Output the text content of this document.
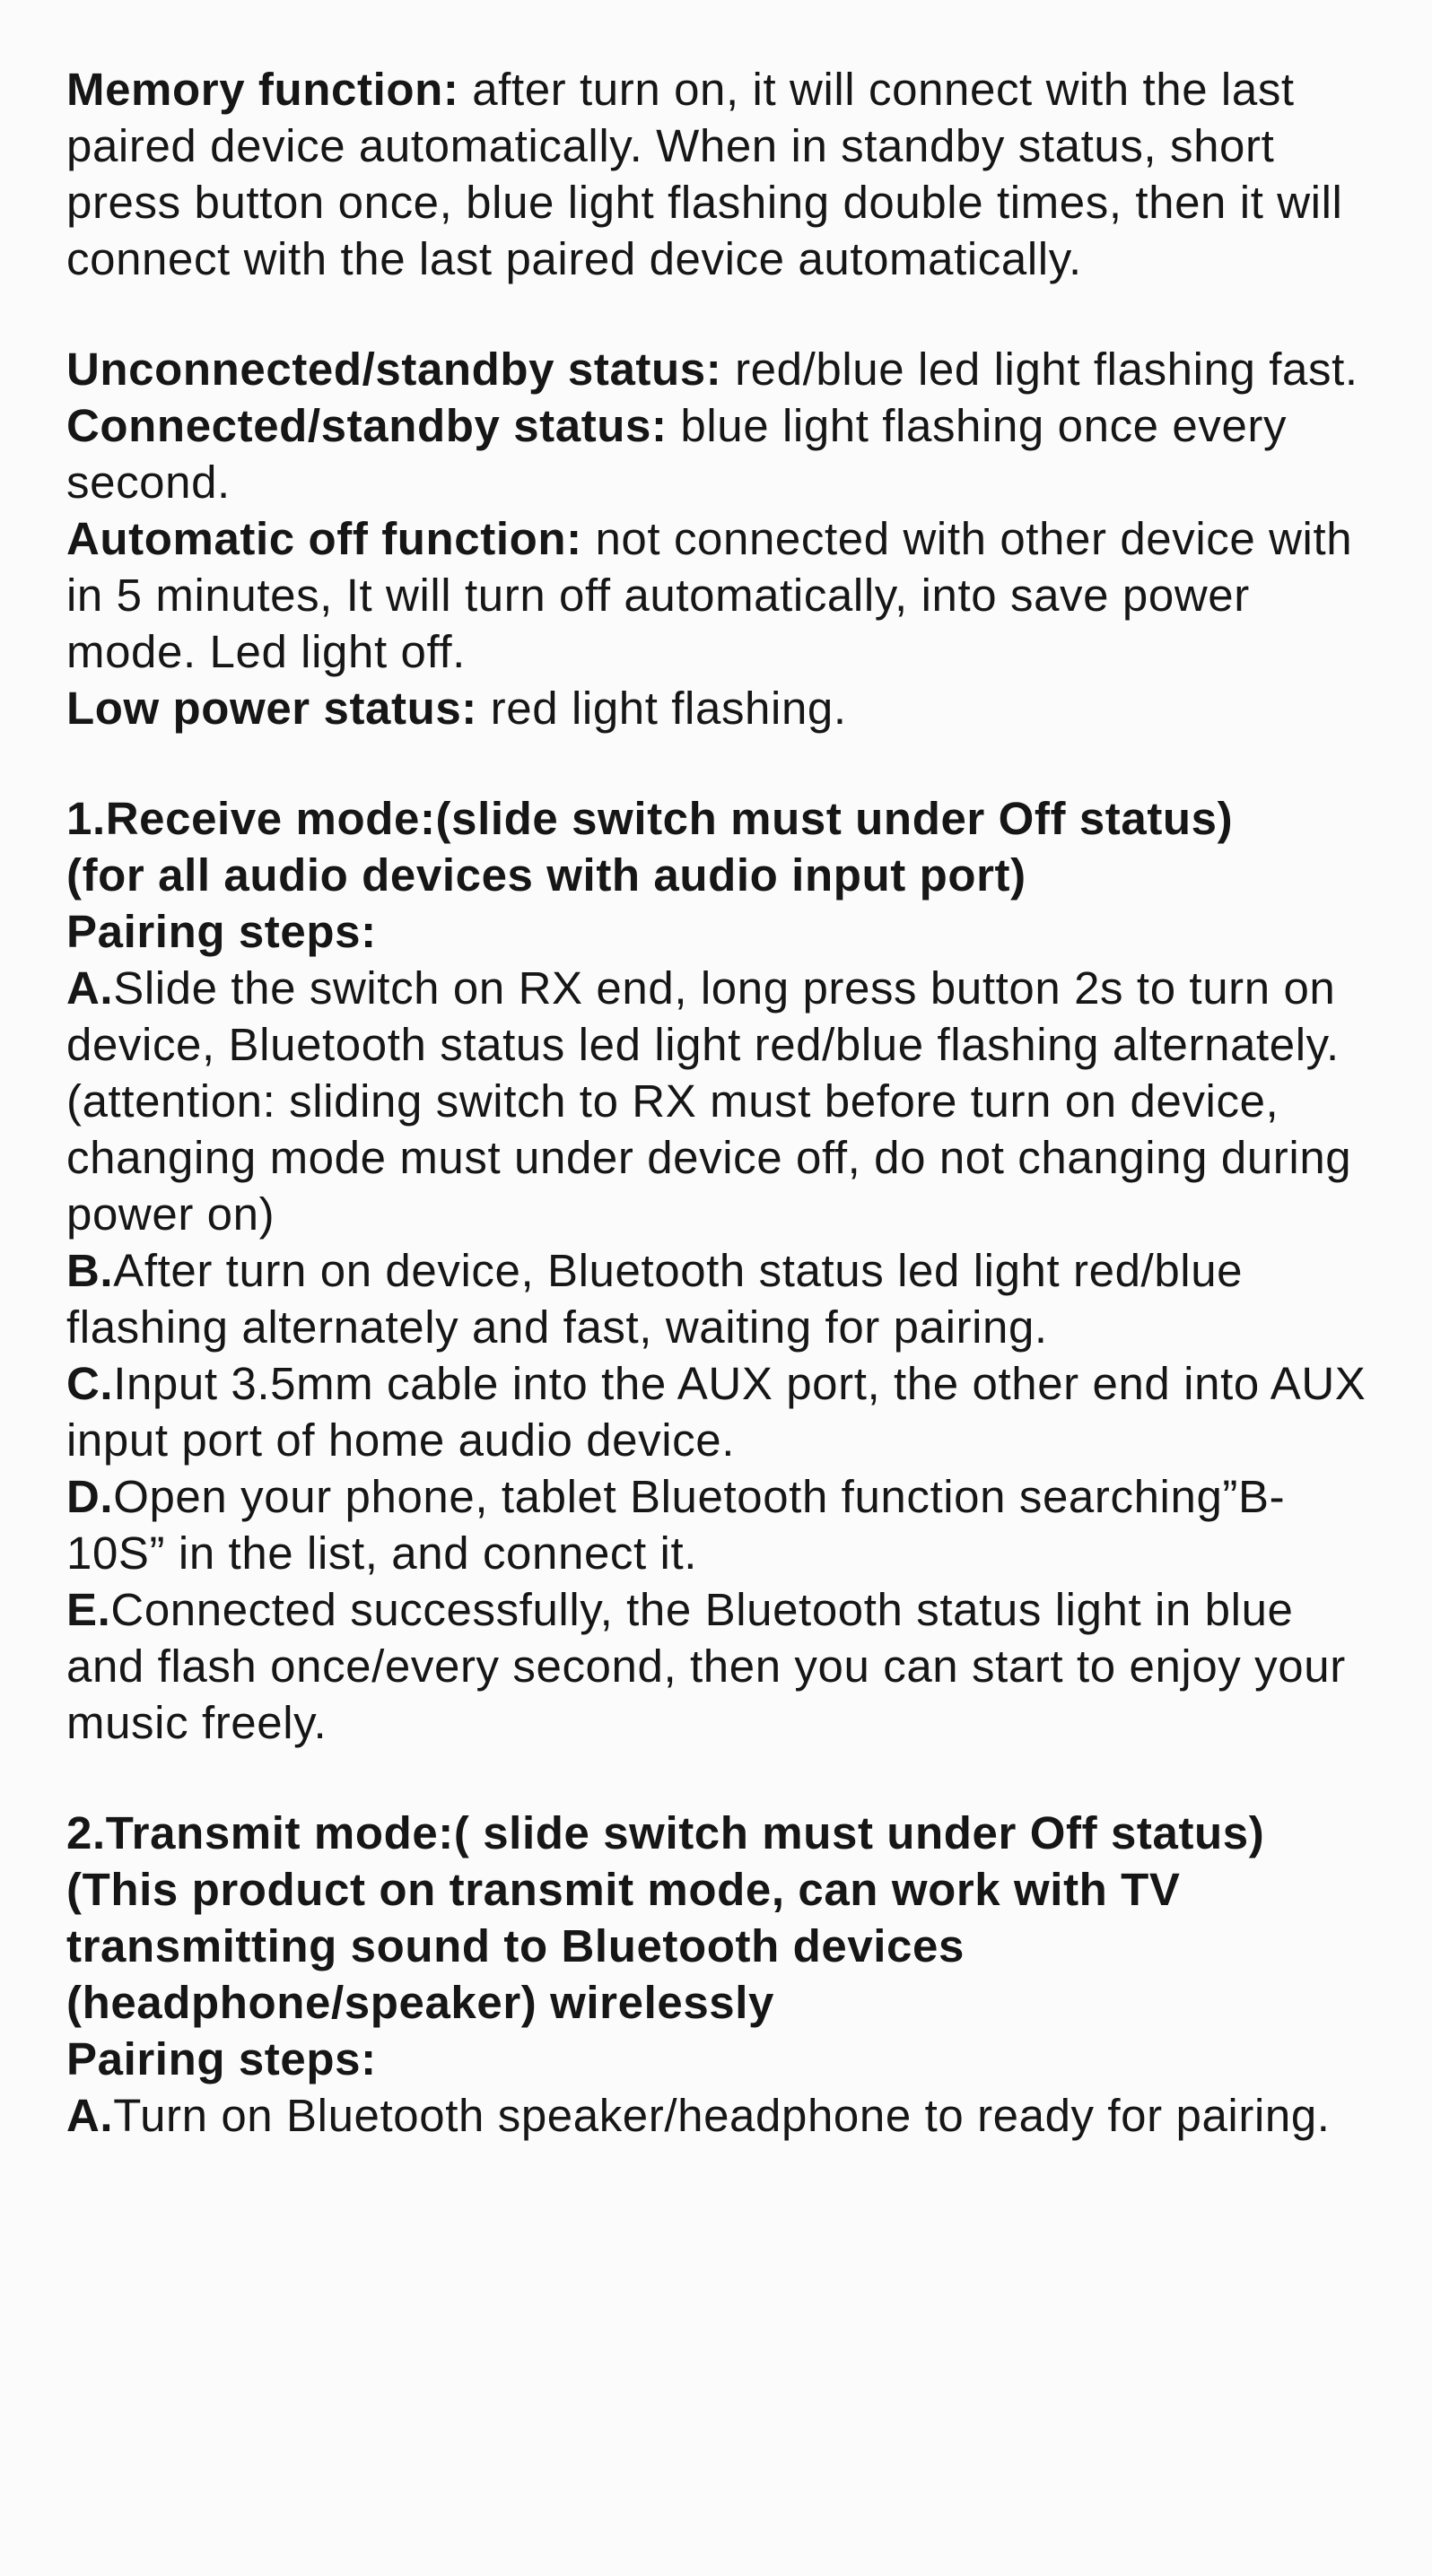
Memory function: after turn on, it will connect with the last paired device automatically. When in standby status, short press button once, blue light flashing double times, then it will connect with the last paired device automatically.

Unconnected/standby status: red/blue led light flashing fast.

Connected/standby status: blue light flashing once every second.

Automatic off function: not connected with other device with in 5 minutes, It will turn off automatically, into save power mode. Led light off.

Low power status: red light flashing.

1.Receive mode:(slide switch must under Off status)

(for all audio devices with audio input port)

Pairing steps:

A.Slide the switch on RX end, long press button 2s to turn on device, Bluetooth status led light red/blue flashing alternately.(attention: sliding switch to RX must before turn on device, changing mode must under device off, do not changing during power on)

B.After turn on device, Bluetooth status led light red/blue flashing alternately and fast, waiting for pairing.

C.Input 3.5mm cable into the AUX port, the other end into AUX input port of home audio device.

D.Open your phone, tablet Bluetooth function searching”B-10S” in the list, and connect it.

E.Connected successfully, the Bluetooth status light in blue and flash once/every second, then you can start to enjoy your music freely.

2.Transmit mode:( slide switch must under Off status)(This product on transmit mode, can work with TV transmitting sound to Bluetooth devices (headphone/speaker) wirelessly

Pairing steps:

A.Turn on Bluetooth speaker/headphone to ready for pairing.
